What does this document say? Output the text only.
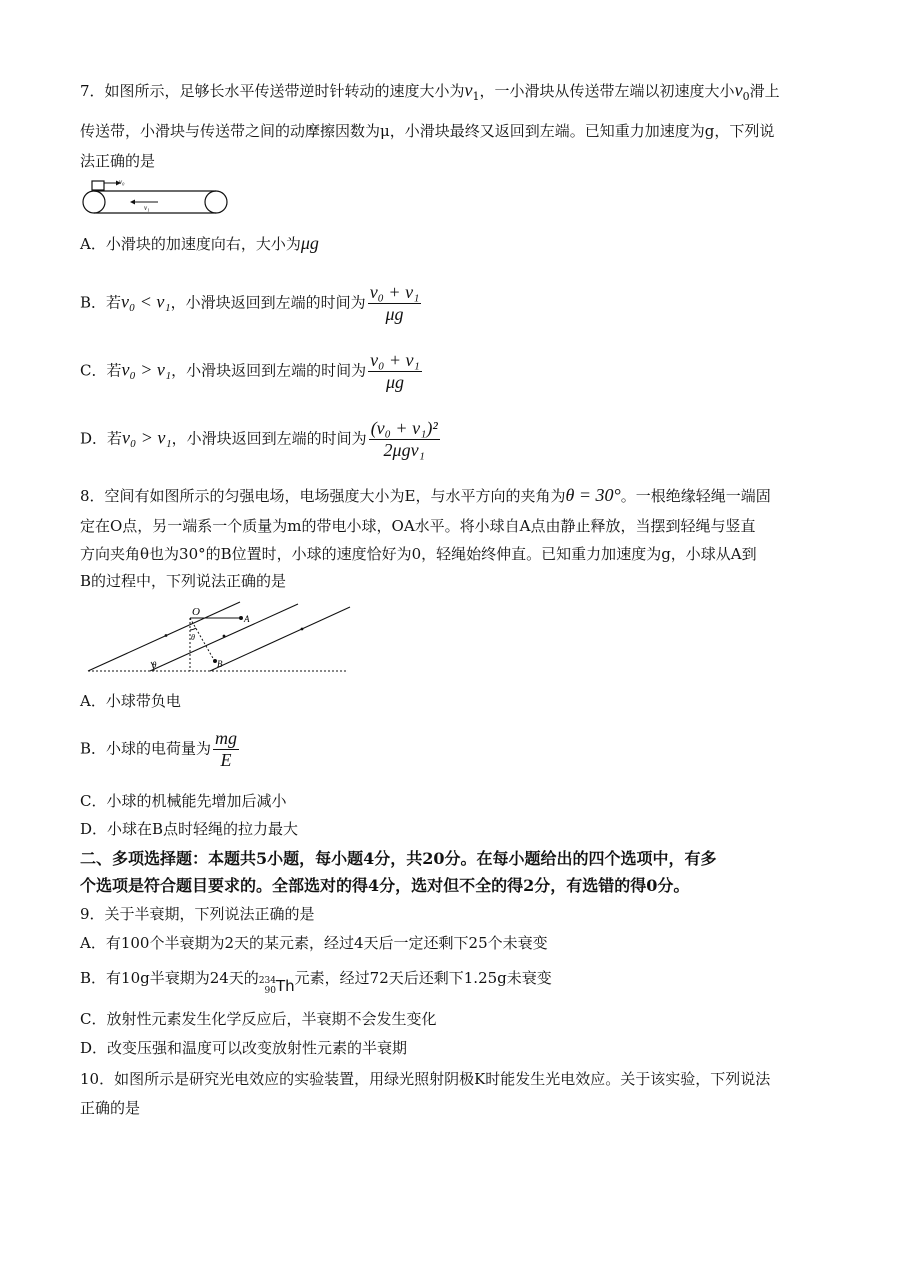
7．如图所示，足够长水平传送带逆时针转动的速度大小为$v_1$，一小滑块从传送带左端以初速度大小$v_0$滑上
传送带，小滑块与传送带之间的动摩擦因数为μ，小滑块最终又返回到左端。已知重力加速度为g，下列说
法正确的是
v₀
v₁
A．小滑块的加速度向右，大小为μg
B．若v₀ < v₁，小滑块返回到左端的时间为 $\frac{\text{v₀ + v₁}}{\mu g}$
C．若v₀ > v₁，小滑块返回到左端的时间为 $\frac{\text{v₀ + v₁}}{\mu g}$
D．若v₀ > v₁，小滑块返回到左端的时间为 $\frac{\text{(v₀ + v₁)²}}{\text{2μgv₁}}$
8．空间有如图所示的匀强电场，电场强度大小为E，与水平方向的夹角为θ = 30°。一根绝缘轻绳一端固
定在O点，另一端系一个质量为m的带电小球，OA水平。将小球自A点由静止释放，当摆到轻绳与竖直
方向夹角θ也为30°的B位置时，小球的速度恰好为0，轻绳始终伸直。已知重力加速度为g，小球从A到
B的过程中，下列说法正确的是
θ
O
A
B
θ
A．小球带负电
B．小球的电荷量为 $\frac{mg}{E}$
C．小球的机械能先增加后减小
D．小球在B点时轻绳的拉力最大
二、多项选择题：本题共5小题，每小题4分，共20分。在每小题给出的四个选项中，有多
个选项是符合题目要求的。全部选对的得4分，选对但不全的得2分，有选错的得0分。
9．关于半衰期，下列说法正确的是
A．有100个半衰期为2天的某元素，经过4天后一定还剩下25个未衰变
B．有10g半衰期为24天的 234
90 Th 元素，经过72天后还剩下1.25g未衰变
C．放射性元素发生化学反应后，半衰期不会发生变化
D．改变压强和温度可以改变放射性元素的半衰期
10．如图所示是研究光电效应的实验装置，用绿光照射阴极K时能发生光电效应。关于该实验，下列说法
正确的是
